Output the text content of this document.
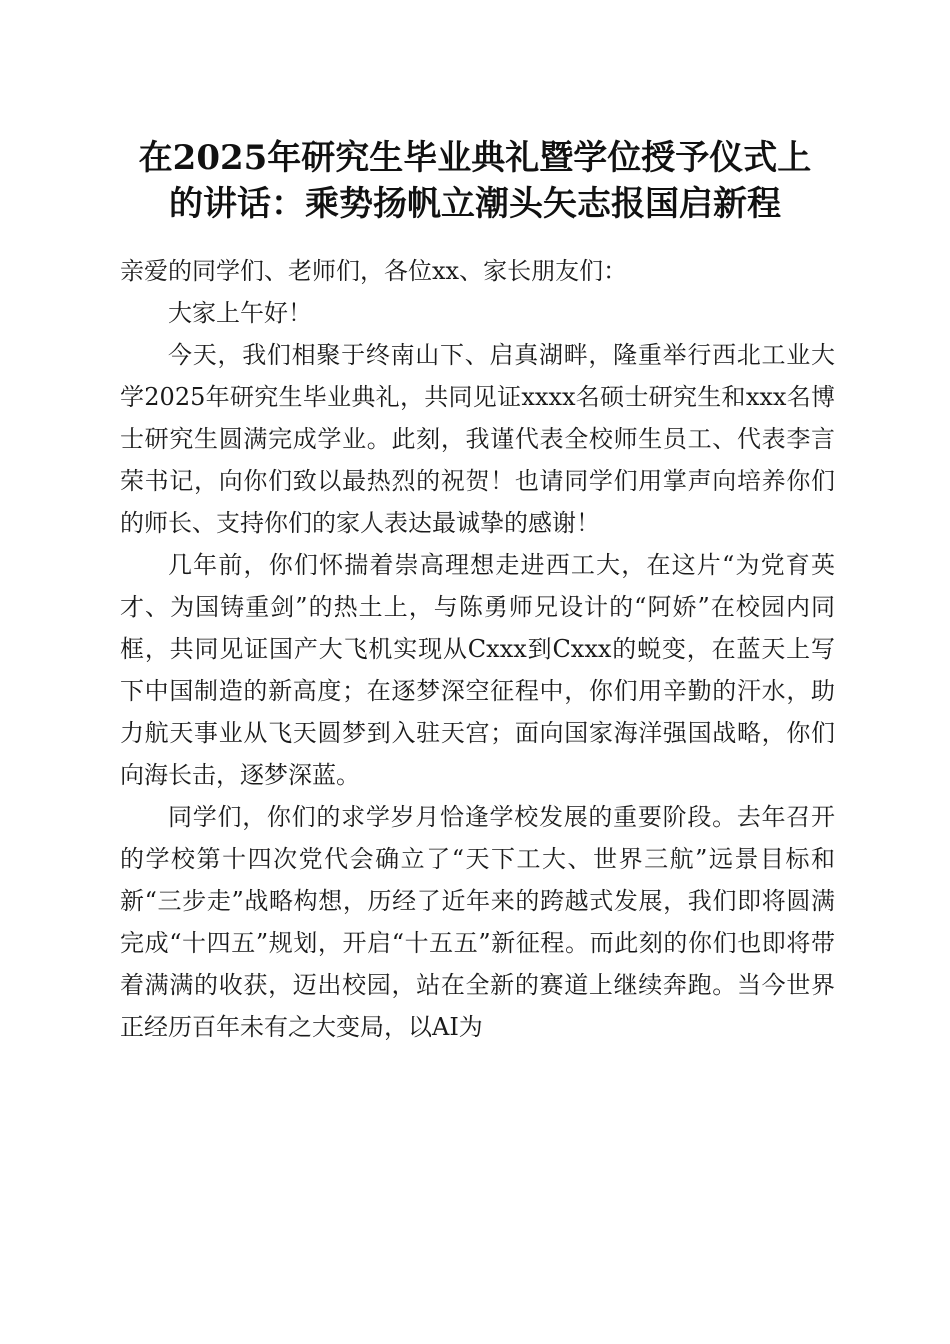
在2025年研究生毕业典礼暨学位授予仪式上
的讲话：乘势扬帆立潮头矢志报国启新程

亲爱的同学们、老师们，各位xx、家长朋友们：

大家上午好！

今天，我们相聚于终南山下、启真湖畔，隆重举行西北工业大学2025年研究生毕业典礼，共同见证xxxx名硕士研究生和xxx名博士研究生圆满完成学业。此刻，我谨代表全校师生员工、代表李言荣书记，向你们致以最热烈的祝贺！也请同学们用掌声向培养你们的师长、支持你们的家人表达最诚挚的感谢！

几年前，你们怀揣着崇高理想走进西工大，在这片“为党育英才、为国铸重剑”的热土上，与陈勇师兄设计的“阿娇”在校园内同框，共同见证国产大飞机实现从Cxxx到Cxxx的蜕变，在蓝天上写下中国制造的新高度；在逐梦深空征程中，你们用辛勤的汗水，助力航天事业从飞天圆梦到入驻天宫；面向国家海洋强国战略，你们向海长击，逐梦深蓝。

同学们，你们的求学岁月恰逢学校发展的重要阶段。去年召开的学校第十四次党代会确立了“天下工大、世界三航”远景目标和新“三步走”战略构想，历经了近年来的跨越式发展，我们即将圆满完成“十四五”规划，开启“十五五”新征程。而此刻的你们也即将带着满满的收获，迈出校园，站在全新的赛道上继续奔跑。当今世界正经历百年未有之大变局，以AI为
